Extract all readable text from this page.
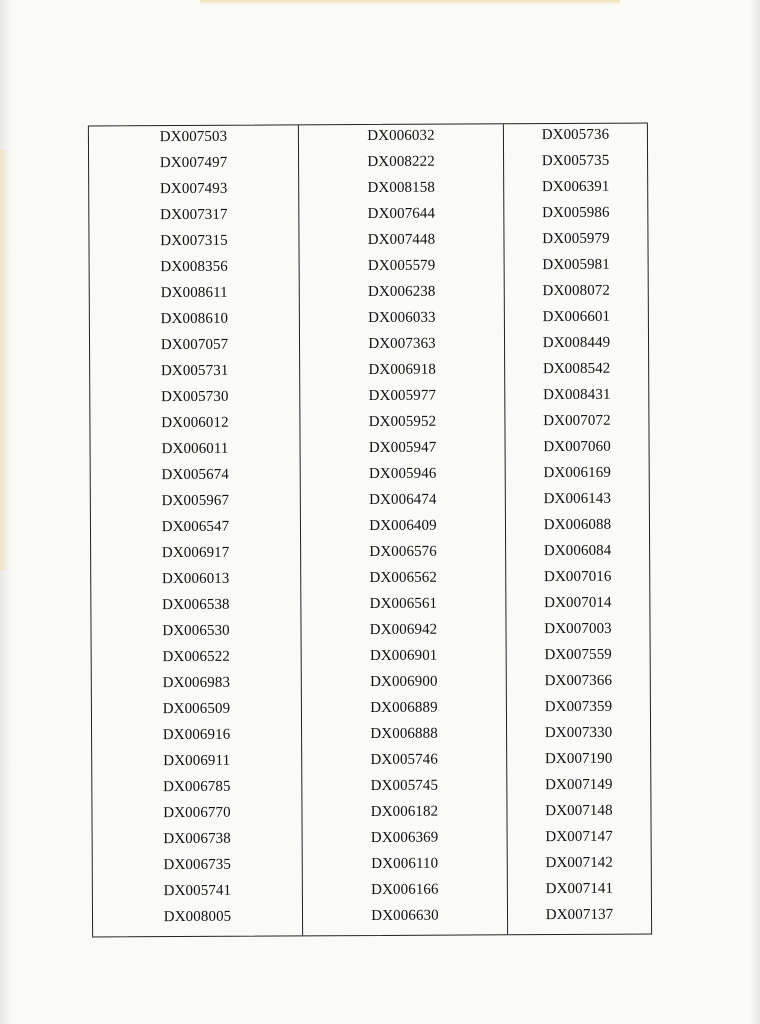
DX007503
DX007497
DX007493
DX007317
DX007315
DX008356
DX008611
DX008610
DX007057
DX005731
DX005730
DX006012
DX006011
DX005674
DX005967
DX006547
DX006917
DX006013
DX006538
DX006530
DX006522
DX006983
DX006509
DX006916
DX006911
DX006785
DX006770
DX006738
DX006735
DX005741
DX008005
DX006032
DX008222
DX008158
DX007644
DX007448
DX005579
DX006238
DX006033
DX007363
DX006918
DX005977
DX005952
DX005947
DX005946
DX006474
DX006409
DX006576
DX006562
DX006561
DX006942
DX006901
DX006900
DX006889
DX006888
DX005746
DX005745
DX006182
DX006369
DX006110
DX006166
DX006630
DX005736
DX005735
DX006391
DX005986
DX005979
DX005981
DX008072
DX006601
DX008449
DX008542
DX008431
DX007072
DX007060
DX006169
DX006143
DX006088
DX006084
DX007016
DX007014
DX007003
DX007559
DX007366
DX007359
DX007330
DX007190
DX007149
DX007148
DX007147
DX007142
DX007141
DX007137
